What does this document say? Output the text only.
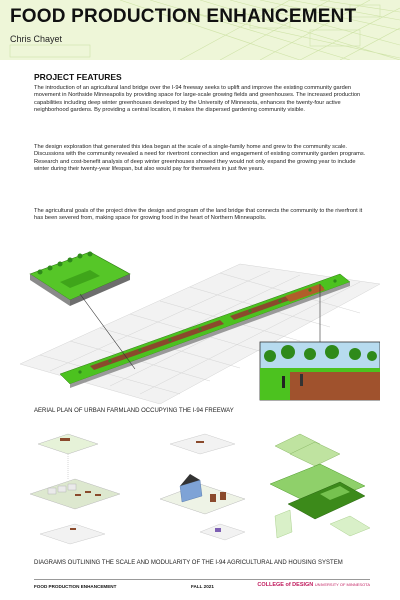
FOOD PRODUCTION ENHANCEMENT
Chris Chayet
PROJECT FEATURES

The introduction of an agricultural land bridge over the I-94 freeway seeks to uplift and improve the existing community garden movement in Northside Minneapolis by providing space for large-scale growing fields and greenhouses. The increased production capabilities including deep winter greenhouses developed by the University of Minnesota, enhances the twenty-four active neighborhood gardens. By providing a central location, it makes the dispersed gardening community visible.

The design exploration that generated this idea began at the scale of a single-family home and grew to the community scale. Discussions with the community revealed a need for rivertront connection and engagement of existing community garden programs. Research and cost-benefit analysis of deep winter greenhouses showed they would not only expand the growing year to include winter during their twenty-year lifespan, but also would pay for themselves in just five years.

The agricultural goals of the project drive the design and program of the land bridge that connects the community to the riverfront it has been severed from, making space for growing food in the heart of Northern Minneapolis.

AERIAL PLAN OF URBAN FARMLAND OCCUPYING THE I-94 FREEWAY
DIAGRAMS OUTLINING THE SCALE AND MODULARITY OF THE I-94 AGRICULTURAL AND HOUSING SYSTEM
FOOD PRODUCTION ENHANCEMENT	FALL 2021	COLLEGE of DESIGN UNIVERSITY OF MINNESOTA
